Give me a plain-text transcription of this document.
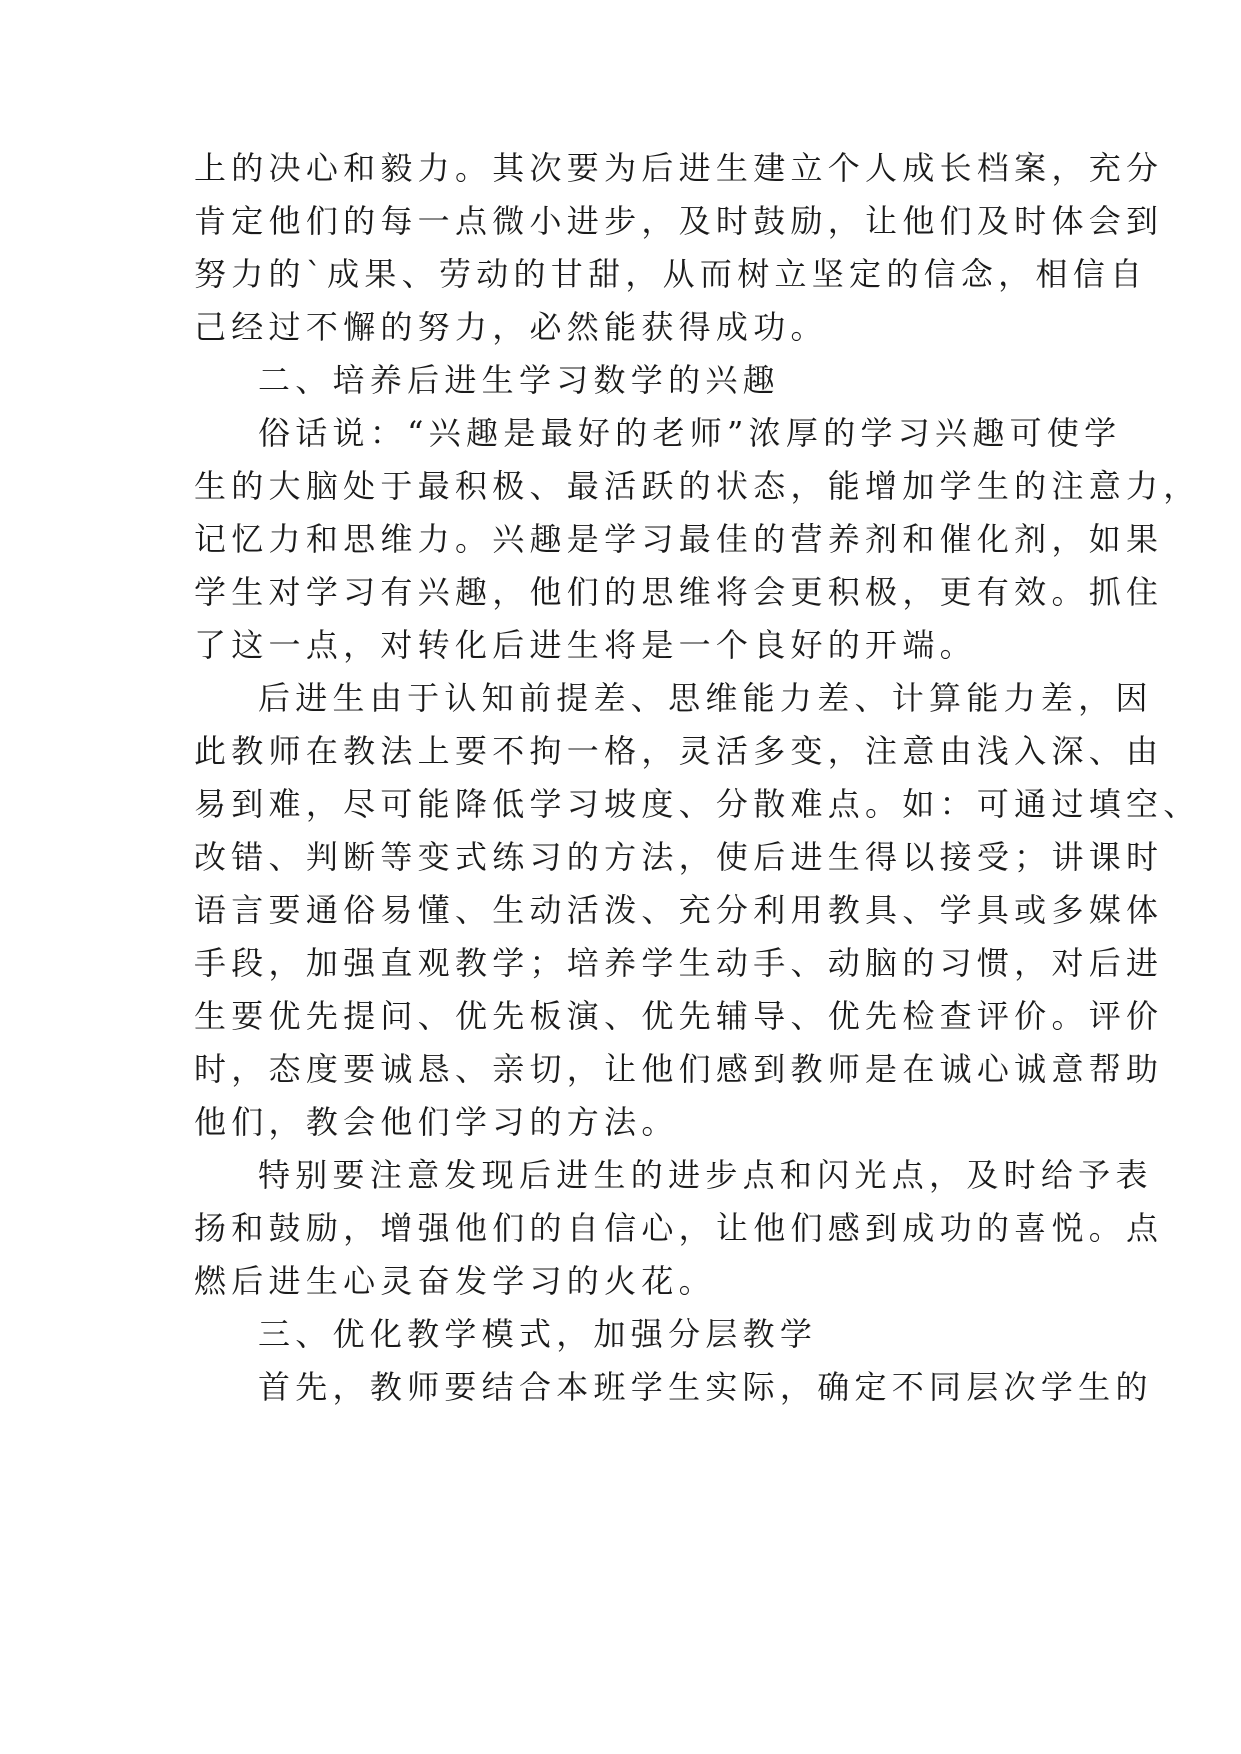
上的决心和毅力。其次要为后进生建立个人成长档案，充分
肯定他们的每一点微小进步，及时鼓励，让他们及时体会到
努力的`成果、劳动的甘甜，从而树立坚定的信念，相信自
己经过不懈的努力，必然能获得成功。
二、培养后进生学习数学的兴趣
俗话说：“兴趣是最好的老师”浓厚的学习兴趣可使学
生的大脑处于最积极、最活跃的状态，能增加学生的注意力，
记忆力和思维力。兴趣是学习最佳的营养剂和催化剂，如果
学生对学习有兴趣，他们的思维将会更积极，更有效。抓住
了这一点，对转化后进生将是一个良好的开端。
后进生由于认知前提差、思维能力差、计算能力差，因
此教师在教法上要不拘一格，灵活多变，注意由浅入深、由
易到难，尽可能降低学习坡度、分散难点。如：可通过填空、
改错、判断等变式练习的方法，使后进生得以接受；讲课时
语言要通俗易懂、生动活泼、充分利用教具、学具或多媒体
手段，加强直观教学；培养学生动手、动脑的习惯，对后进
生要优先提问、优先板演、优先辅导、优先检查评价。评价
时，态度要诚恳、亲切，让他们感到教师是在诚心诚意帮助
他们，教会他们学习的方法。
特别要注意发现后进生的进步点和闪光点，及时给予表
扬和鼓励，增强他们的自信心，让他们感到成功的喜悦。点
燃后进生心灵奋发学习的火花。
三、优化教学模式，加强分层教学
首先，教师要结合本班学生实际，确定不同层次学生的
